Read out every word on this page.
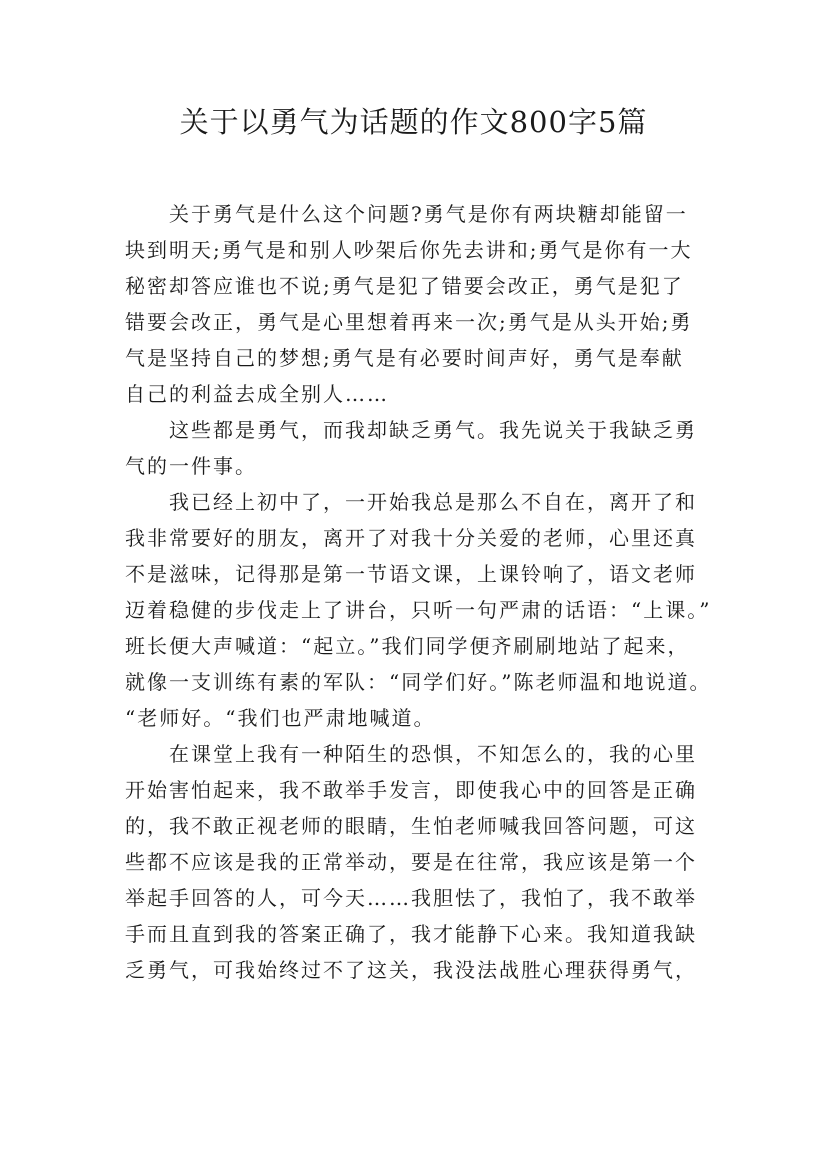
关于以勇气为话题的作文800字5篇
　　关于勇气是什么这个问题?勇气是你有两块糖却能留一
块到明天;勇气是和别人吵架后你先去讲和;勇气是你有一大
秘密却答应谁也不说;勇气是犯了错要会改正，勇气是犯了
错要会改正，勇气是心里想着再来一次;勇气是从头开始;勇
气是坚持自己的梦想;勇气是有必要时间声好，勇气是奉献
自己的利益去成全别人……
　　这些都是勇气，而我却缺乏勇气。我先说关于我缺乏勇
气的一件事。
　　我已经上初中了，一开始我总是那么不自在，离开了和
我非常要好的朋友，离开了对我十分关爱的老师，心里还真
不是滋味，记得那是第一节语文课，上课铃响了，语文老师
迈着稳健的步伐走上了讲台，只听一句严肃的话语：“上课。”
班长便大声喊道：“起立。”我们同学便齐刷刷地站了起来，
就像一支训练有素的军队：“同学们好。”陈老师温和地说道。
“老师好。“我们也严肃地喊道。
　　在课堂上我有一种陌生的恐惧，不知怎么的，我的心里
开始害怕起来，我不敢举手发言，即使我心中的回答是正确
的，我不敢正视老师的眼睛，生怕老师喊我回答问题，可这
些都不应该是我的正常举动，要是在往常，我应该是第一个
举起手回答的人，可今天……我胆怯了，我怕了，我不敢举
手而且直到我的答案正确了，我才能静下心来。我知道我缺
乏勇气，可我始终过不了这关，我没法战胜心理获得勇气，
